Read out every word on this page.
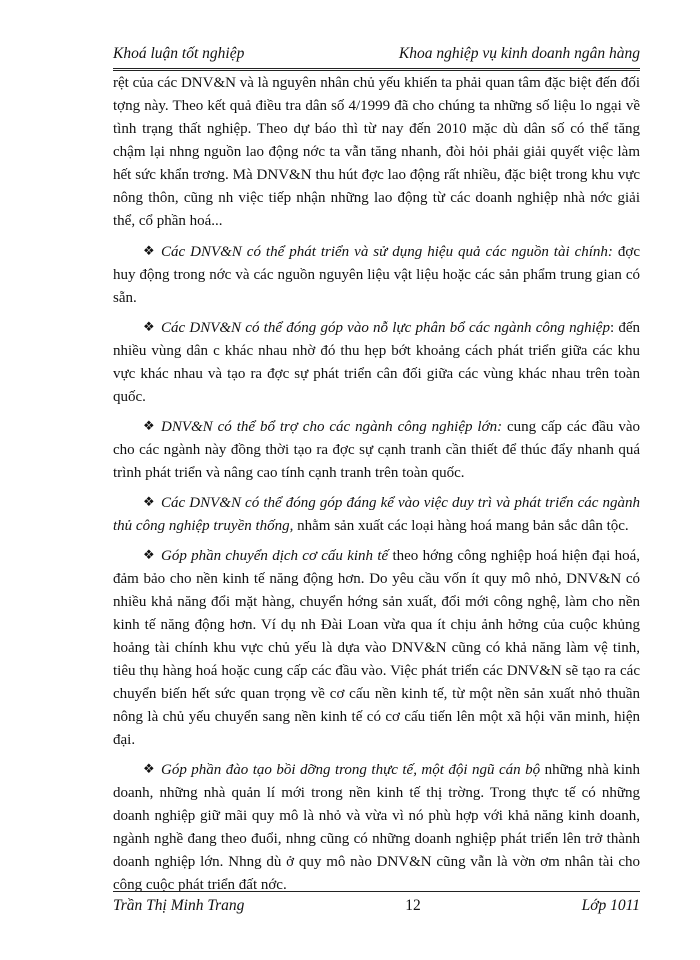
Khoá luận tốt nghiệp	Khoa nghiệp vụ kinh doanh ngân hàng

rệt của các DNV&N và là nguyên nhân chủ yếu khiến ta phải quan tâm đặc biệt đến đối tợng này. Theo kết quả điều tra dân số 4/1999 đã cho chúng ta những số liệu lo ngại về tình trạng thất nghiệp. Theo dự báo thì từ nay đến 2010 mặc dù dân số có thể tăng chậm lại nhng nguồn lao động nớc ta vẫn tăng nhanh, đòi hỏi phải giải quyết việc làm hết sức khẩn trơng. Mà DNV&N thu hút đợc lao động rất nhiều, đặc biệt trong khu vực nông thôn, cũng nh việc tiếp nhận những lao động từ các doanh nghiệp nhà nớc giải thể, cổ phần hoá...

❖ Các DNV&N có thể phát triển và sử dụng hiệu quả các nguồn tài chính: đợc huy động trong nớc và các nguồn nguyên liệu vật liệu hoặc các sản phẩm trung gian có sẵn.

❖ Các DNV&N có thể đóng góp vào nỗ lực phân bổ các ngành công nghiệp: đến nhiều vùng dân c khác nhau nhờ đó thu hẹp bớt khoảng cách phát triển giữa các khu vực khác nhau và tạo ra đợc sự phát triển cân đối giữa các vùng khác nhau trên toàn quốc.

❖ DNV&N có thể bổ trợ cho các ngành công nghiệp lớn: cung cấp các đầu vào cho các ngành này đồng thời tạo ra đợc sự cạnh tranh cần thiết để thúc đẩy nhanh quá trình phát triển và nâng cao tính cạnh tranh trên toàn quốc.

❖ Các DNV&N có thể đóng góp đáng kể vào việc duy trì và phát triển các ngành thủ công nghiệp truyền thống, nhằm sản xuất các loại hàng hoá mang bản sắc dân tộc.

❖ Góp phần chuyển dịch cơ cấu kinh tế theo hớng công nghiệp hoá hiện đại hoá, đảm bảo cho nền kinh tế năng động hơn. Do yêu cầu vốn ít quy mô nhỏ, DNV&N có nhiều khả năng đổi mặt hàng, chuyển hớng sản xuất, đổi mới công nghệ, làm cho nền kinh tế năng động hơn. Ví dụ nh Đài Loan vừa qua ít chịu ảnh hởng của cuộc khủng hoảng tài chính khu vực chủ yếu là dựa vào DNV&N cũng có khả năng làm vệ tinh, tiêu thụ hàng hoá hoặc cung cấp các đầu vào. Việc phát triển các DNV&N sẽ tạo ra các chuyển biến hết sức quan trọng về cơ cấu nền kinh tế, từ một nền sản xuất nhỏ thuần nông là chủ yếu chuyển sang nền kinh tế có cơ cấu tiến lên một xã hội văn minh, hiện đại.

❖ Góp phần đào tạo bồi dỡng trong thực tế, một đội ngũ cán bộ những nhà kinh doanh, những nhà quản lí mới trong nền kinh tế thị trờng. Trong thực tế có những doanh nghiệp giữ mãi quy mô là nhỏ và vừa vì nó phù hợp với khả năng kinh doanh, ngành nghề đang theo đuổi, nhng cũng có những doanh nghiệp phát triển lên trở thành doanh nghiệp lớn. Nhng dù ở quy mô nào DNV&N cũng vẫn là vờn ơm nhân tài cho công cuộc phát triển đất nớc.

Trần Thị Minh Trang	12	Lớp 1011
